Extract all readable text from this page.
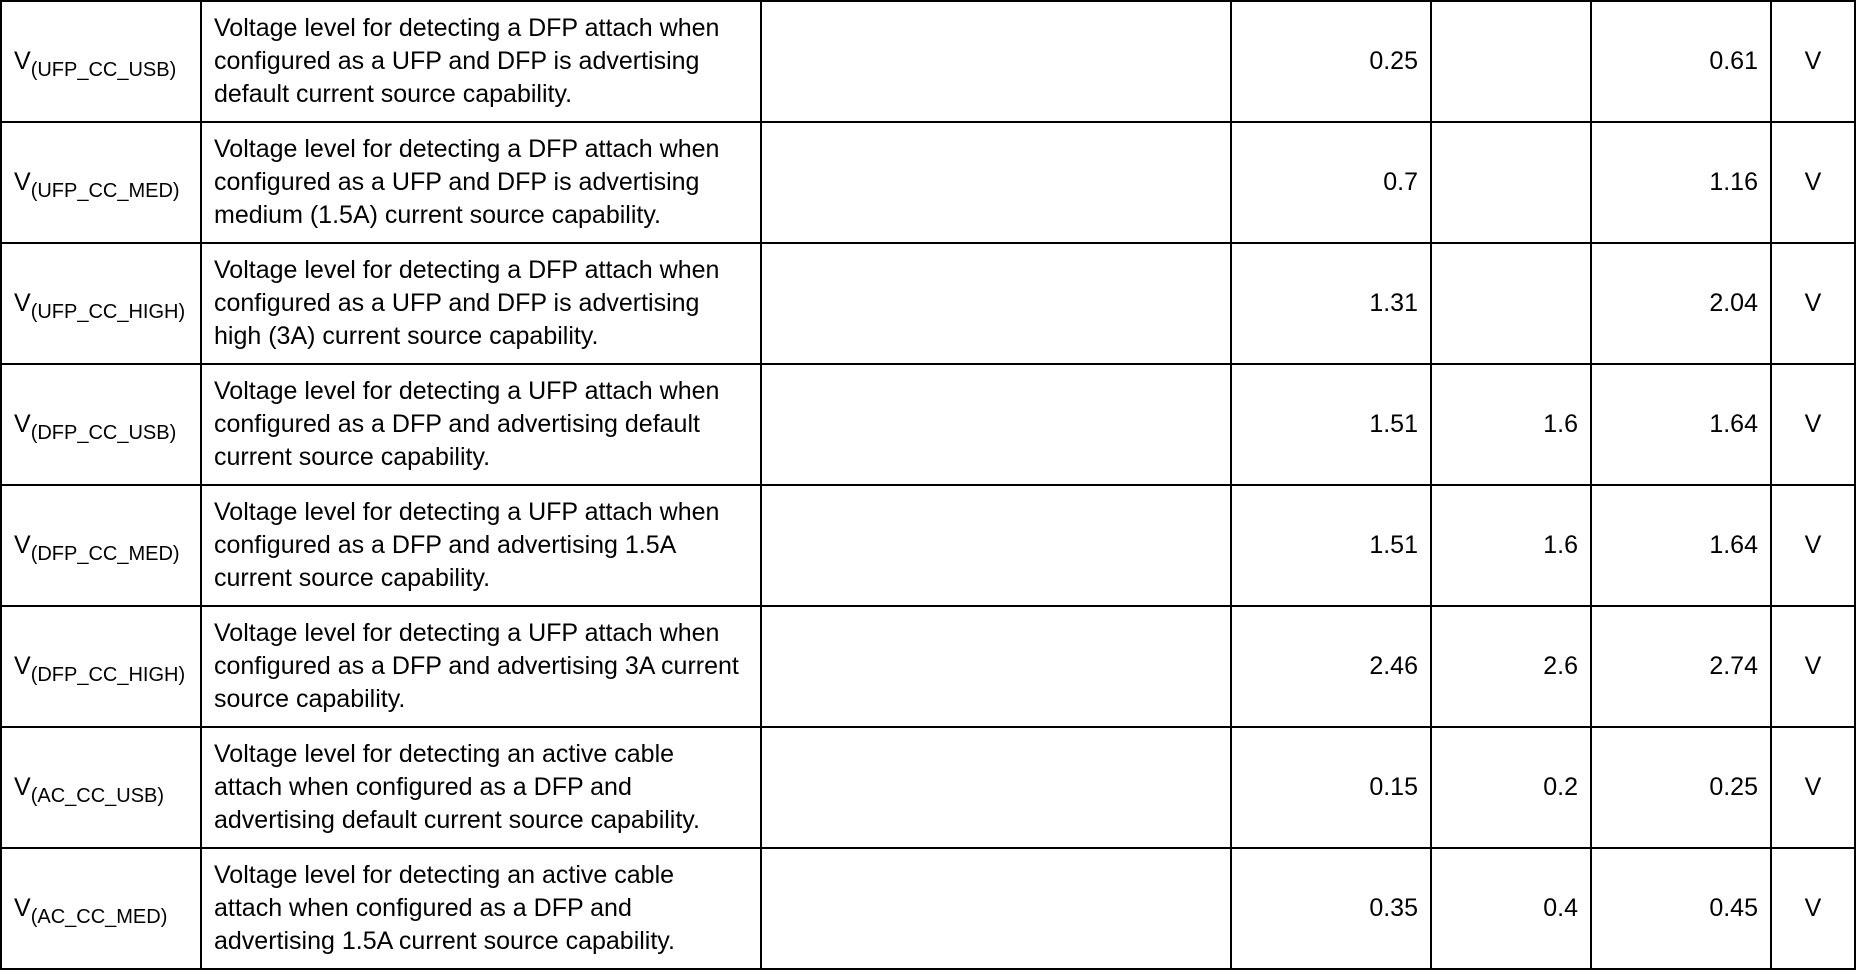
$V_{(UFP\_CC\_USB)}$	Voltage level for detecting a DFP attach when configured as a UFP and DFP is advertising default current source capability.		0.25		0.61	V
$V_{(UFP\_CC\_MED)}$	Voltage level for detecting a DFP attach when configured as a UFP and DFP is advertising medium (1.5A) current source capability.		0.7		1.16	V
$V_{(UFP\_CC\_HIGH)}$	Voltage level for detecting a DFP attach when configured as a UFP and DFP is advertising high (3A) current source capability.		1.31		2.04	V
$V_{(DFP\_CC\_USB)}$	Voltage level for detecting a UFP attach when configured as a DFP and advertising default current source capability.		1.51	1.6	1.64	V
$V_{(DFP\_CC\_MED)}$	Voltage level for detecting a UFP attach when configured as a DFP and advertising 1.5A current source capability.		1.51	1.6	1.64	V
$V_{(DFP\_CC\_HIGH)}$	Voltage level for detecting a UFP attach when configured as a DFP and advertising 3A current source capability.		2.46	2.6	2.74	V
$V_{(AC\_CC\_USB)}$	Voltage level for detecting an active cable attach when configured as a DFP and advertising default current source capability.		0.15	0.2	0.25	V
$V_{(AC\_CC\_MED)}$	Voltage level for detecting an active cable attach when configured as a DFP and advertising 1.5A current source capability.		0.35	0.4	0.45	V
